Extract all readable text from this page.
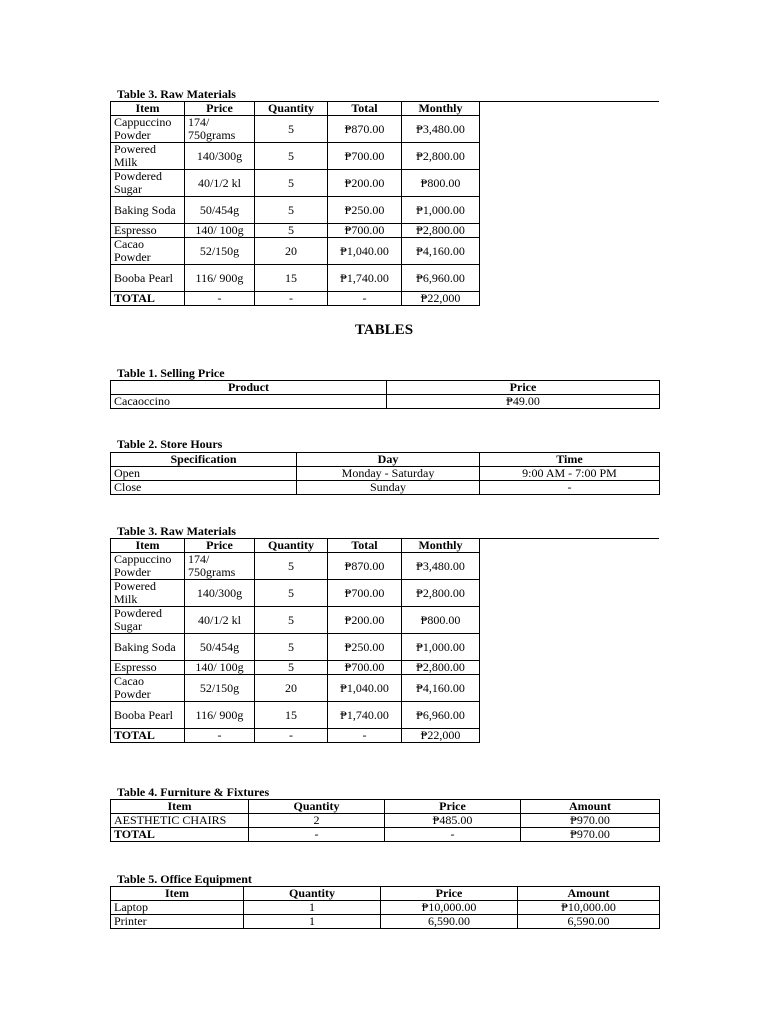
Table 3. Raw Materials
Item	Price	Quantity	Total	Monthly
Cappuccino Powder	174/ 750grams	5	₱870.00	₱3,480.00
Powered Milk	140/300g	5	₱700.00	₱2,800.00
Powdered Sugar	40/1/2 kl	5	₱200.00	₱800.00
Baking Soda	50/454g	5	₱250.00	₱1,000.00
Espresso	140/ 100g	5	₱700.00	₱2,800.00
Cacao Powder	52/150g	20	₱1,040.00	₱4,160.00
Booba Pearl	116/ 900g	15	₱1,740.00	₱6,960.00
TOTAL	-	-	-	₱22,000
TABLES
Table 1. Selling Price
Product	Price
Cacaoccino	₱49.00
Table 2. Store Hours
Specification	Day	Time
Open	Monday - Saturday	9:00 AM - 7:00 PM
Close	Sunday	-
Table 3. Raw Materials
Item	Price	Quantity	Total	Monthly
Cappuccino Powder	174/ 750grams	5	₱870.00	₱3,480.00
Powered Milk	140/300g	5	₱700.00	₱2,800.00
Powdered Sugar	40/1/2 kl	5	₱200.00	₱800.00
Baking Soda	50/454g	5	₱250.00	₱1,000.00
Espresso	140/ 100g	5	₱700.00	₱2,800.00
Cacao Powder	52/150g	20	₱1,040.00	₱4,160.00
Booba Pearl	116/ 900g	15	₱1,740.00	₱6,960.00
TOTAL	-	-	-	₱22,000
Table 4. Furniture & Fixtures
Item	Quantity	Price	Amount
AESTHETIC CHAIRS	2	₱485.00	₱970.00
TOTAL	-	-	₱970.00
Table 5. Office Equipment
Item	Quantity	Price	Amount
Laptop	1	₱10,000.00	₱10,000.00
Printer	1	6,590.00	6,590.00
